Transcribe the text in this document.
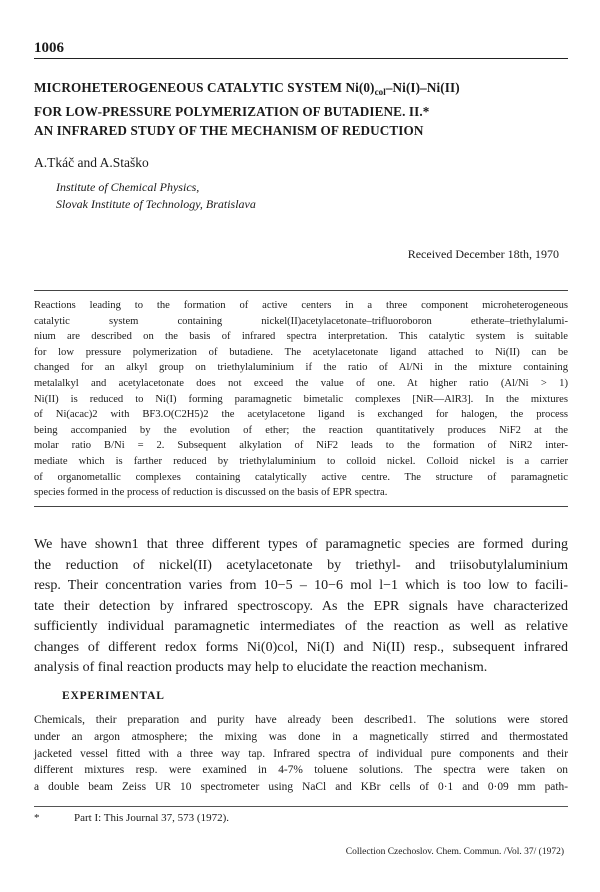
1006
MICROHETEROGENEOUS CATALYTIC SYSTEM $Ni(0)_{col}-Ni(I)-Ni(II)$
FOR LOW-PRESSURE POLYMERIZATION OF BUTADIENE. II.*
AN INFRARED STUDY OF THE MECHANISM OF REDUCTION
A.Tkáč and A.Staško
Institute of Chemical Physics,
Slovak Institute of Technology, Bratislava
Received December 18th, 1970
Reactions leading to the formation of active centers in a three component microheterogeneous
catalytic system containing nickel(II)acetylacetonate–trifluoroboron etherate–triethylalumi-
nium are described on the basis of infrared spectra interpretation. This catalytic system is suitable
for low pressure polymerization of butadiene. The acetylacetonate ligand attached to Ni(II) can be
changed for an alkyl group on triethylaluminium if the ratio of Al/Ni in the mixture containing
metalalkyl and acetylacetonate does not exceed the value of one. At higher ratio (Al/Ni > 1)
Ni(II) is reduced to Ni(I) forming paramagnetic bimetalic complexes [NiR—AlR3]. In the mixtures
of Ni(acac)2 with BF3.O(C2H5)2 the acetylacetone ligand is exchanged for halogen, the process
being accompanied by the evolution of ether; the reaction quantitatively produces NiF2 at the
molar ratio B/Ni = 2. Subsequent alkylation of NiF2 leads to the formation of NiR2 inter-
mediate which is farther reduced by triethylaluminium to colloid nickel. Colloid nickel is a carrier
of organometallic complexes containing catalytically active centre. The structure of paramagnetic
species formed in the process of reduction is discussed on the basis of EPR spectra.
We have shown1 that three different types of paramagnetic species are formed during
the reduction of nickel(II) acetylacetonate by triethyl- and triisobutylaluminium
resp. Their concentration varies from 10−5 – 10−6 mol l−1 which is too low to facili-
tate their detection by infrared spectroscopy. As the EPR signals have characterized
sufficiently individual paramagnetic intermediates of the reaction as well as relative
changes of different redox forms Ni(0)col, Ni(I) and Ni(II) resp., subsequent infrared
analysis of final reaction products may help to elucidate the reaction mechanism.
EXPERIMENTAL
Chemicals, their preparation and purity have already been described1. The solutions were stored
under an argon atmosphere; the mixing was done in a magnetically stirred and thermostated
jacketed vessel fitted with a three way tap. Infrared spectra of individual pure components and their
different mixtures resp. were examined in 4-7% toluene solutions. The spectra were taken on
a double beam Zeiss UR 10 spectrometer using NaCl and KBr cells of 0·1 and 0·09 mm path-
*	Part I: This Journal 37, 573 (1972).
Collection Czechoslov. Chem. Commun. /Vol. 37/ (1972)
